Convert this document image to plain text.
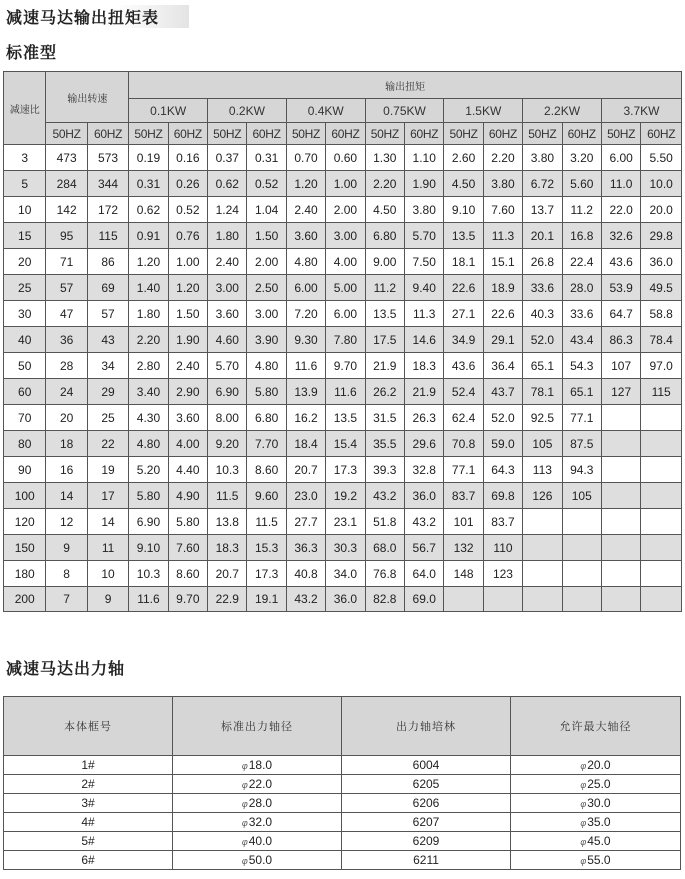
减速马达输出扭矩表
标准型
减速比	输出转速		输出扭矩													
			0.1KW		0.2KW		0.4KW		0.75KW		1.5KW		2.2KW		3.7KW	
	50HZ	60HZ	50HZ	60HZ	50HZ	60HZ	50HZ	60HZ	50HZ	60HZ	50HZ	60HZ	50HZ	60HZ	50HZ	60HZ
3	473	573	0.19	0.16	0.37	0.31	0.70	0.60	1.30	1.10	2.60	2.20	3.80	3.20	6.00	5.50
5	284	344	0.31	0.26	0.62	0.52	1.20	1.00	2.20	1.90	4.50	3.80	6.72	5.60	11.0	10.0
10	142	172	0.62	0.52	1.24	1.04	2.40	2.00	4.50	3.80	9.10	7.60	13.7	11.2	22.0	20.0
15	95	115	0.91	0.76	1.80	1.50	3.60	3.00	6.80	5.70	13.5	11.3	20.1	16.8	32.6	29.8
20	71	86	1.20	1.00	2.40	2.00	4.80	4.00	9.00	7.50	18.1	15.1	26.8	22.4	43.6	36.0
25	57	69	1.40	1.20	3.00	2.50	6.00	5.00	11.2	9.40	22.6	18.9	33.6	28.0	53.9	49.5
30	47	57	1.80	1.50	3.60	3.00	7.20	6.00	13.5	11.3	27.1	22.6	40.3	33.6	64.7	58.8
40	36	43	2.20	1.90	4.60	3.90	9.30	7.80	17.5	14.6	34.9	29.1	52.0	43.4	86.3	78.4
50	28	34	2.80	2.40	5.70	4.80	11.6	9.70	21.9	18.3	43.6	36.4	65.1	54.3	107	97.0
60	24	29	3.40	2.90	6.90	5.80	13.9	11.6	26.2	21.9	52.4	43.7	78.1	65.1	127	115
70	20	25	4.30	3.60	8.00	6.80	16.2	13.5	31.5	26.3	62.4	52.0	92.5	77.1		
80	18	22	4.80	4.00	9.20	7.70	18.4	15.4	35.5	29.6	70.8	59.0	105	87.5		
90	16	19	5.20	4.40	10.3	8.60	20.7	17.3	39.3	32.8	77.1	64.3	113	94.3		
100	14	17	5.80	4.90	11.5	9.60	23.0	19.2	43.2	36.0	83.7	69.8	126	105		
120	12	14	6.90	5.80	13.8	11.5	27.7	23.1	51.8	43.2	101	83.7				
150	9	11	9.10	7.60	18.3	15.3	36.3	30.3	68.0	56.7	132	110				
180	8	10	10.3	8.60	20.7	17.3	40.8	34.0	76.8	64.0	148	123				
200	7	9	11.6	9.70	22.9	19.1	43.2	36.0	82.8	69.0						
减速马达出力轴
本体框号	标准出力轴径	出力轴培林	允许最大轴径
1#	φ18.0	6004	φ20.0
2#	φ22.0	6205	φ25.0
3#	φ28.0	6206	φ30.0
4#	φ32.0	6207	φ35.0
5#	φ40.0	6209	φ45.0
6#	φ50.0	6211	φ55.0
